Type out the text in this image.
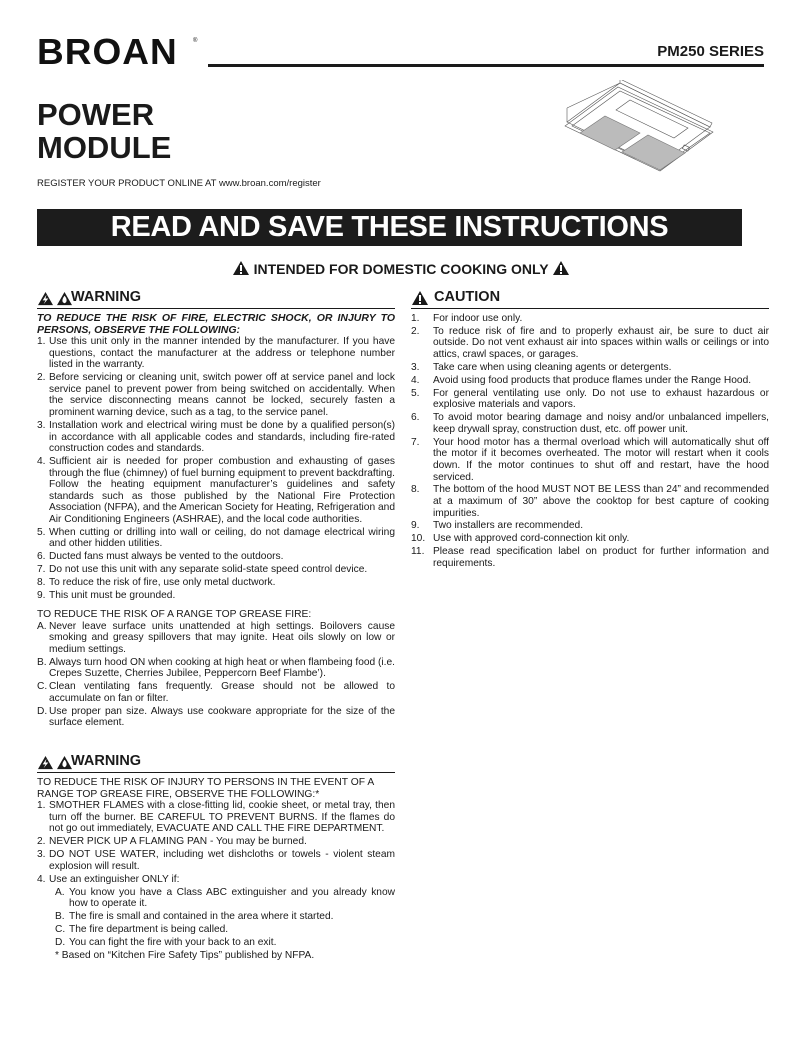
BROAN	®
PM250 SERIES
POWER
MODULE
REGISTER YOUR PRODUCT ONLINE AT www.broan.com/register
READ AND SAVE THESE INSTRUCTIONS
INTENDED FOR DOMESTIC COOKING ONLY
WARNING
TO REDUCE THE RISK OF FIRE, ELECTRIC SHOCK, OR INJURY TO PERSONS, OBSERVE THE FOLLOWING:
1. Use this unit only in the manner intended by the manufacturer. If you have questions, contact the manufacturer at the address or telephone number listed in the warranty.
2. Before servicing or cleaning unit, switch power off at service panel and lock service panel to prevent power from being switched on accidentally. When the service disconnecting means cannot be locked, securely fasten a prominent warning device, such as a tag, to the service panel.
3. Installation work and electrical wiring must be done by a qualified person(s) in accordance with all applicable codes and standards, including fire-rated construction codes and standards.
4. Sufficient air is needed for proper combustion and exhausting of gases through the flue (chimney) of fuel burning equipment to prevent backdrafting. Follow the heating equipment manufacturer’s guidelines and safety standards such as those published by the National Fire Protection Association (NFPA), and the American Society for Heating, Refrigeration and Air Conditioning Engineers (ASHRAE), and the local code authorities.
5. When cutting or drilling into wall or ceiling, do not damage electrical wiring and other hidden utilities.
6. Ducted fans must always be vented to the outdoors.
7. Do not use this unit with any separate solid-state speed control device.
8. To reduce the risk of fire, use only metal ductwork.
9. This unit must be grounded.
TO REDUCE THE RISK OF A RANGE TOP GREASE FIRE:
A. Never leave surface units unattended at high settings. Boilovers cause smoking and greasy spillovers that may ignite. Heat oils slowly on low or medium settings.
B. Always turn hood ON when cooking at high heat or when flambeing food (i.e. Crepes Suzette, Cherries Jubilee, Peppercorn Beef Flambe’).
C. Clean ventilating fans frequently. Grease should not be allowed to accumulate on fan or filter.
D. Use proper pan size. Always use cookware appropriate for the size of the surface element.
WARNING
TO REDUCE THE RISK OF INJURY TO PERSONS IN THE EVENT OF A RANGE TOP GREASE FIRE, OBSERVE THE FOLLOWING:*
1. SMOTHER FLAMES with a close-fitting lid, cookie sheet, or metal tray, then turn off the burner. BE CAREFUL TO PREVENT BURNS. If the flames do not go out immediately, EVACUATE AND CALL THE FIRE DEPARTMENT.
2. NEVER PICK UP A FLAMING PAN - You may be burned.
3. DO NOT USE WATER, including wet dishcloths or towels - violent steam explosion will result.
4. Use an extinguisher ONLY if:
A. You know you have a Class ABC extinguisher and you already know how to operate it.
B. The fire is small and contained in the area where it started.
C. The fire department is being called.
D. You can fight the fire with your back to an exit.
* Based on “Kitchen Fire Safety Tips” published by NFPA.
CAUTION
1.	For indoor use only.
2.	To reduce risk of fire and to properly exhaust air, be sure to duct air outside. Do not vent exhaust air into spaces within walls or ceilings or into attics, crawl spaces, or garages.
3.	Take care when using cleaning agents or detergents.
4.	Avoid using food products that produce flames under the Range Hood.
5.	For general ventilating use only. Do not use to exhaust hazardous or explosive materials and vapors.
6.	To avoid motor bearing damage and noisy and/or unbalanced impellers, keep drywall spray, construction dust, etc. off power unit.
7.	Your hood motor has a thermal overload which will automatically shut off the motor if it becomes overheated. The motor will restart when it cools down. If the motor continues to shut off and restart, have the hood serviced.
8.	The bottom of the hood MUST NOT BE LESS than 24” and recommended at a maximum of 30” above the cooktop for best capture of cooking impurities.
9.	Two installers are recommended.
10. Use with approved cord-connection kit only.
11. Please read specification label on product for further information and requirements.
